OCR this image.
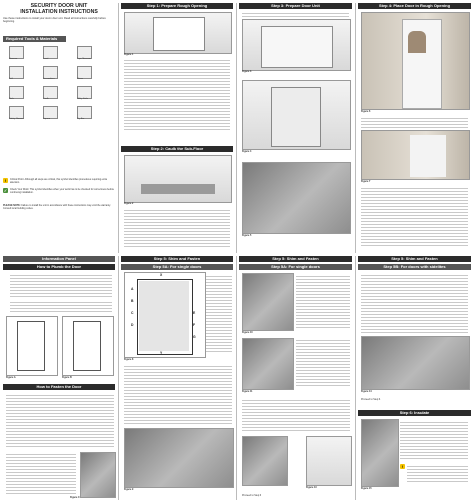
SECURITY DOOR UNIT
INSTALLATION INSTRUCTIONS
Use these instructions to install your storm door unit. Read all instructions carefully before beginning.
Required Tools & Materials
Hammer	Level	Tape Measure
Drill	Screwdriver	Shims
Nails	Caulk	Utility Knife
Safety Glasses	Square	Pry Bar
!	Critical Point: Although all steps are critical, this symbol identifies procedures requiring extra attention.
✓	Check Your Work: This symbol identifies when your work has to be checked for correctness before continuing installation.
PLEASE NOTE: Failure to install the unit in accordance with these instructions may void the warranty. Consult local building codes.
Step 1: Prepare Rough Opening
Figure 1
Step 2: Caulk the Sub-Floor
Figure 2
Step 3: Prepare Door Unit
Figure 3
Figure 4
Figure 5
Step 4: Place Door in Rough Opening
Figure 6
Figure 7
Information Panel
How to Plumb the Door
Figure A	Figure B
How to Fasten the Door
Figure C
Step 5: Shim and Fasten
Step 5A: For single doors
X
A
B
C
D
E
F
G
Y
Figure 8
Figure 9
Step 5: Shim and Fasten
Step 5A: For single doors
Figure 10
Figure 11
Figure 13
Proceed to Step 6
Step 5: Shim and Fasten
Step 5B: For doors with sidelites
Figure 14
Proceed to Step 6.
Step 6: Insulate
!
Figure 15
